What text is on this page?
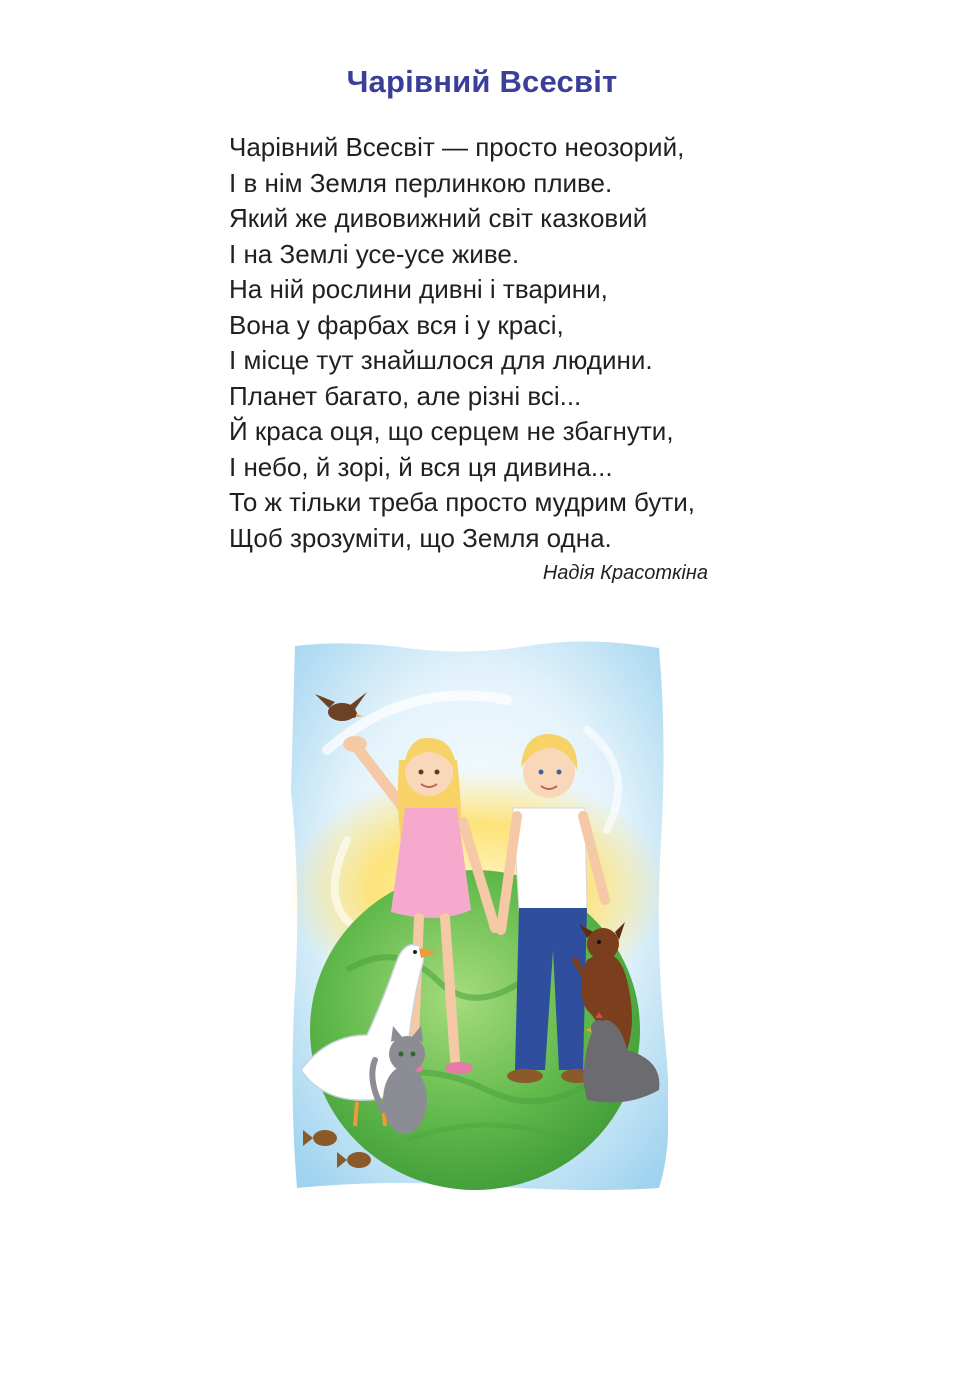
Чарівний Всесвіт
Чарівний Всесвіт — просто неозорий,
І в нім Земля перлинкою пливе.
Який же дивовижний світ казковий
І на Землі усе-усе живе.
На ній рослини дивні і тварини,
Вона у фарбах вся і у красі,
І місце тут знайшлося для людини.
Планет багато, але різні всі...
Й краса оця, що серцем не збагнути,
І небо, й зорі, й вся ця дивина...
То ж тільки треба просто мудрим бути,
Щоб зрозуміти, що Земля одна.
Надія Красоткіна
